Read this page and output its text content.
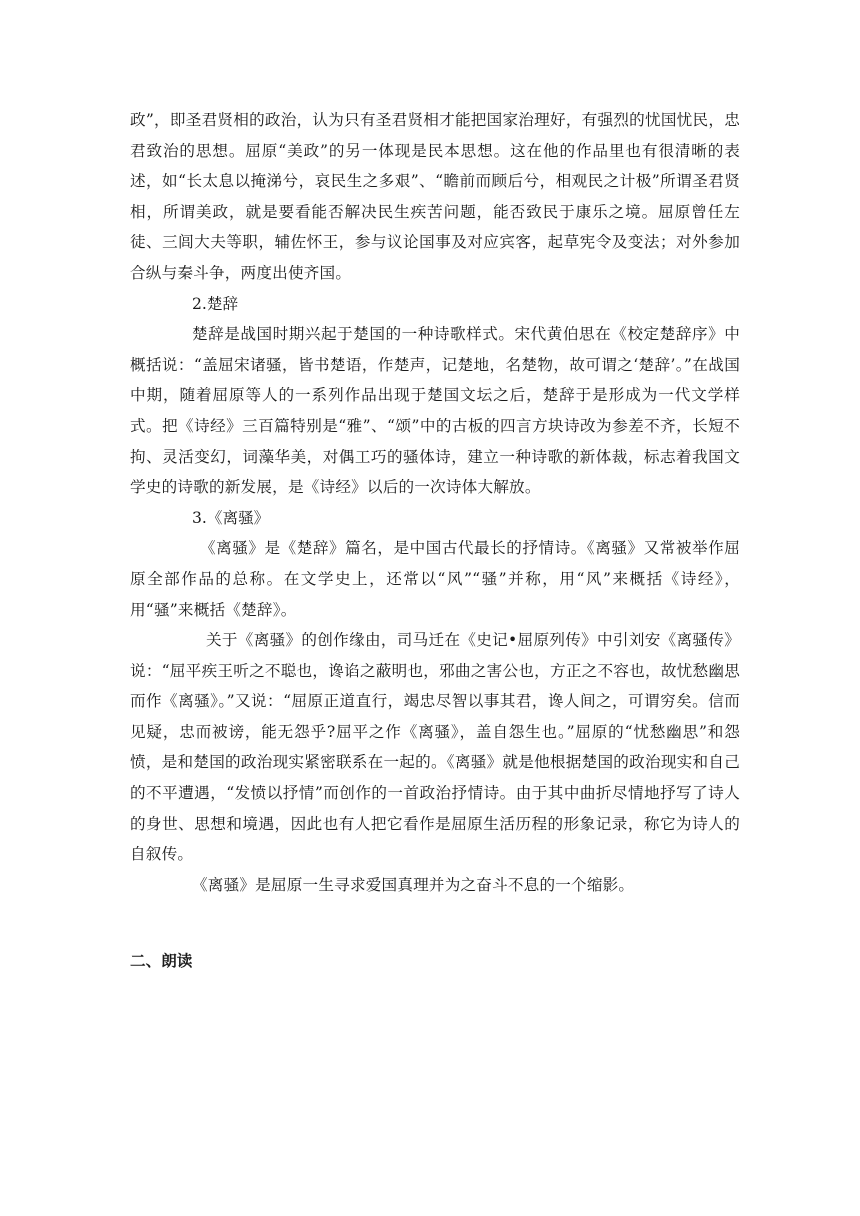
政”，即圣君贤相的政治，认为只有圣君贤相才能把国家治理好，有强烈的忧国忧民，忠君致治的思想。屈原“美政”的另一体现是民本思想。这在他的作品里也有很清晰的表述，如“长太息以掩涕兮，哀民生之多艰”、“瞻前而顾后兮，相观民之计极”所谓圣君贤相，所谓美政，就是要看能否解决民生疾苦问题，能否致民于康乐之境。屈原曾任左徒、三闾大夫等职，辅佐怀王，参与议论国事及对应宾客，起草宪令及变法；对外参加合纵与秦斗争，两度出使齐国。

2.楚辞

楚辞是战国时期兴起于楚国的一种诗歌样式。宋代黄伯思在《校定楚辞序》中概括说：“盖屈宋诸骚，皆书楚语，作楚声，记楚地，名楚物，故可谓之‘楚辞’。”在战国中期，随着屈原等人的一系列作品出现于楚国文坛之后，楚辞于是形成为一代文学样式。把《诗经》三百篇特别是“雅”、“颂”中的古板的四言方块诗改为参差不齐，长短不拘、灵活变幻，词藻华美，对偶工巧的骚体诗，建立一种诗歌的新体裁，标志着我国文学史的诗歌的新发展，是《诗经》以后的一次诗体大解放。

3.《离骚》

《离骚》是《楚辞》篇名，是中国古代最长的抒情诗。《离骚》又常被举作屈原全部作品的总称。在文学史上，还常以“风”“骚”并称，用“风”来概括《诗经》，用“骚”来概括《楚辞》。

关于《离骚》的创作缘由，司马迁在《史记•屈原列传》中引刘安《离骚传》说：“屈平疾王听之不聪也，谗谄之蔽明也，邪曲之害公也，方正之不容也，故忧愁幽思而作《离骚》。”又说：“屈原正道直行，竭忠尽智以事其君，谗人间之，可谓穷矣。信而见疑，忠而被谤，能无怨乎?屈平之作《离骚》，盖自怨生也。”屈原的“忧愁幽思”和怨愤，是和楚国的政治现实紧密联系在一起的。《离骚》就是他根据楚国的政治现实和自己的不平遭遇，“发愤以抒情”而创作的一首政治抒情诗。由于其中曲折尽情地抒写了诗人的身世、思想和境遇，因此也有人把它看作是屈原生活历程的形象记录，称它为诗人的自叙传。

《离骚》是屈原一生寻求爱国真理并为之奋斗不息的一个缩影。

二、朗读
